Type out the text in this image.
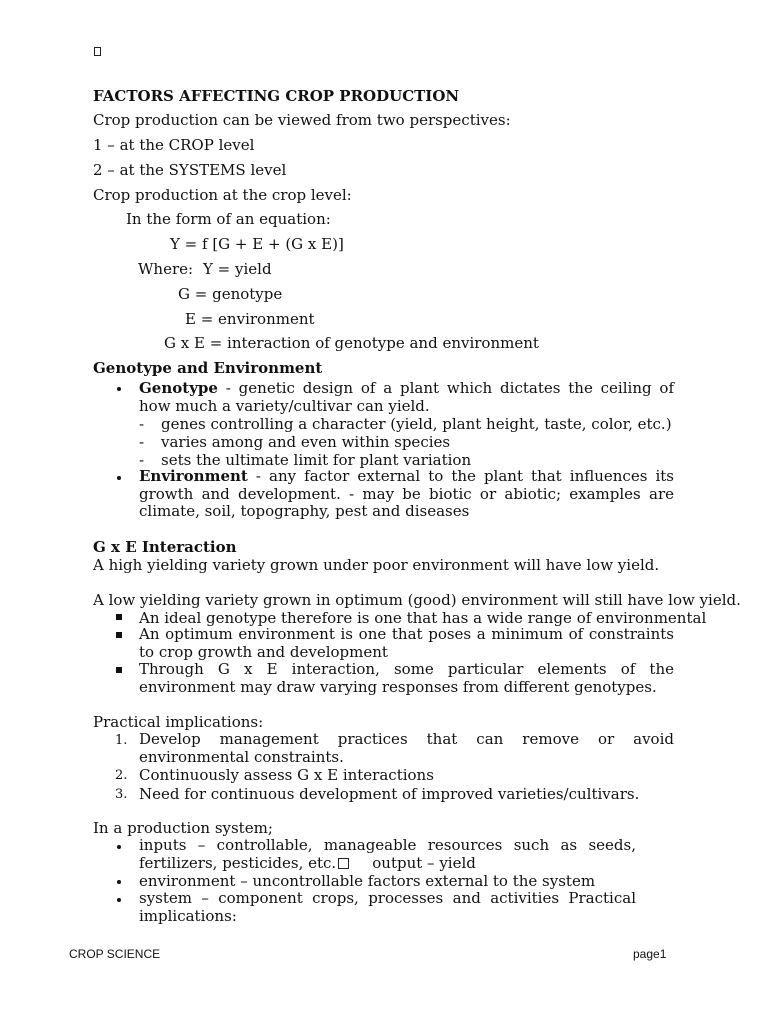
FACTORS AFFECTING CROP PRODUCTION
Crop production can be viewed from two perspectives:
1 – at the CROP level
2 – at the SYSTEMS level
Crop production at the crop level:
In the form of an equation:
Y = f [G + E + (G x E)]
Where: Y = yield
G = genotype
E = environment
G x E = interaction of genotype and environment
Genotype and Environment
Genotype - genetic design of a plant which dictates the ceiling of how much a variety/cultivar can yield.
- genes controlling a character (yield, plant height, taste, color, etc.)
- varies among and even within species
- sets the ultimate limit for plant variation
Environment - any factor external to the plant that influences its growth and development. - may be biotic or abiotic; examples are climate, soil, topography, pest and diseases
G x E Interaction
A high yielding variety grown under poor environment will have low yield.
A low yielding variety grown in optimum (good) environment will still have low yield.
An ideal genotype therefore is one that has a wide range of environmental
An optimum environment is one that poses a minimum of constraints to crop growth and development
Through G x E interaction, some particular elements of the environment may draw varying responses from different genotypes.
Practical implications:
1. Develop management practices that can remove or avoid environmental constraints.
2. Continuously assess G x E interactions
3. Need for continuous development of improved varieties/cultivars.
In a production system;
inputs – controllable, manageable resources such as seeds, fertilizers, pesticides, etc. output – yield
environment – uncontrollable factors external to the system
system – component crops, processes and activities Practical implications:
CROP SCIENCE	page1
